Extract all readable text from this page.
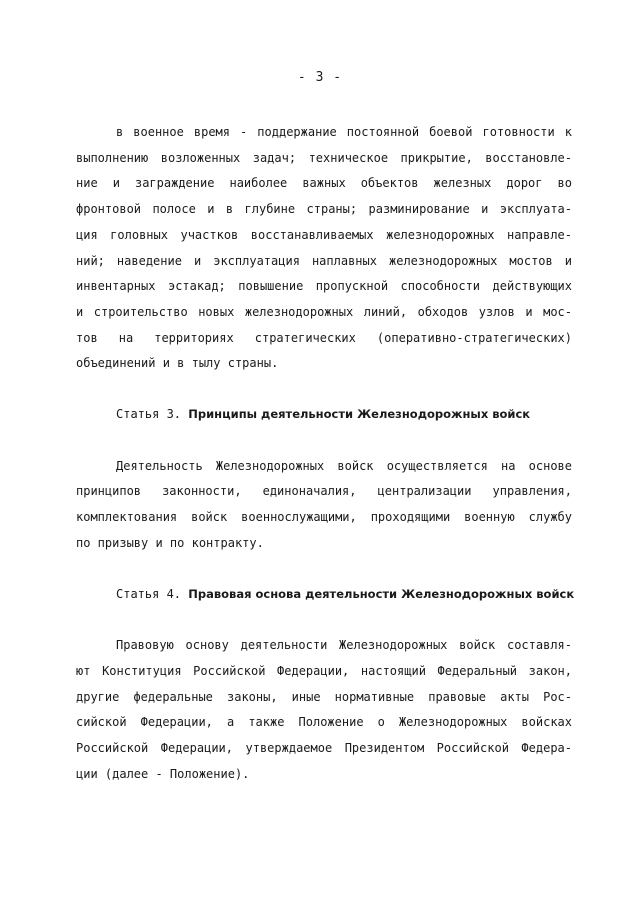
- 3 -
в военное время - поддержание постоянной боевой готовности к
выполнению возложенных задач; техническое прикрытие, восстановле-
ние и заграждение наиболее важных объектов железных дорог во
фронтовой полосе и в глубине страны; разминирование и эксплуата-
ция головных участков восстанавливаемых железнодорожных направле-
ний; наведение и эксплуатация наплавных железнодорожных мостов и
инвентарных эстакад; повышение пропускной способности действующих
и строительство новых железнодорожных линий, обходов узлов и мос-
тов на территориях стратегических (оперативно-стратегических)
объединений и в тылу страны.
Статья 3. Принципы деятельности Железнодорожных войск
Деятельность Железнодорожных войск осуществляется на основе
принципов законности, единоначалия, централизации управления,
комплектования войск военнослужащими, проходящими военную службу
по призыву и по контракту.
Статья 4. Правовая основа деятельности Железнодорожных войск
Правовую основу деятельности Железнодорожных войск составля-
ют Конституция Российской Федерации, настоящий Федеральный закон,
другие федеральные законы, иные нормативные правовые акты Рос-
сийской Федерации, а также Положение о Железнодорожных войсках
Российской Федерации, утверждаемое Президентом Российской Федера-
ции (далее - Положение).
